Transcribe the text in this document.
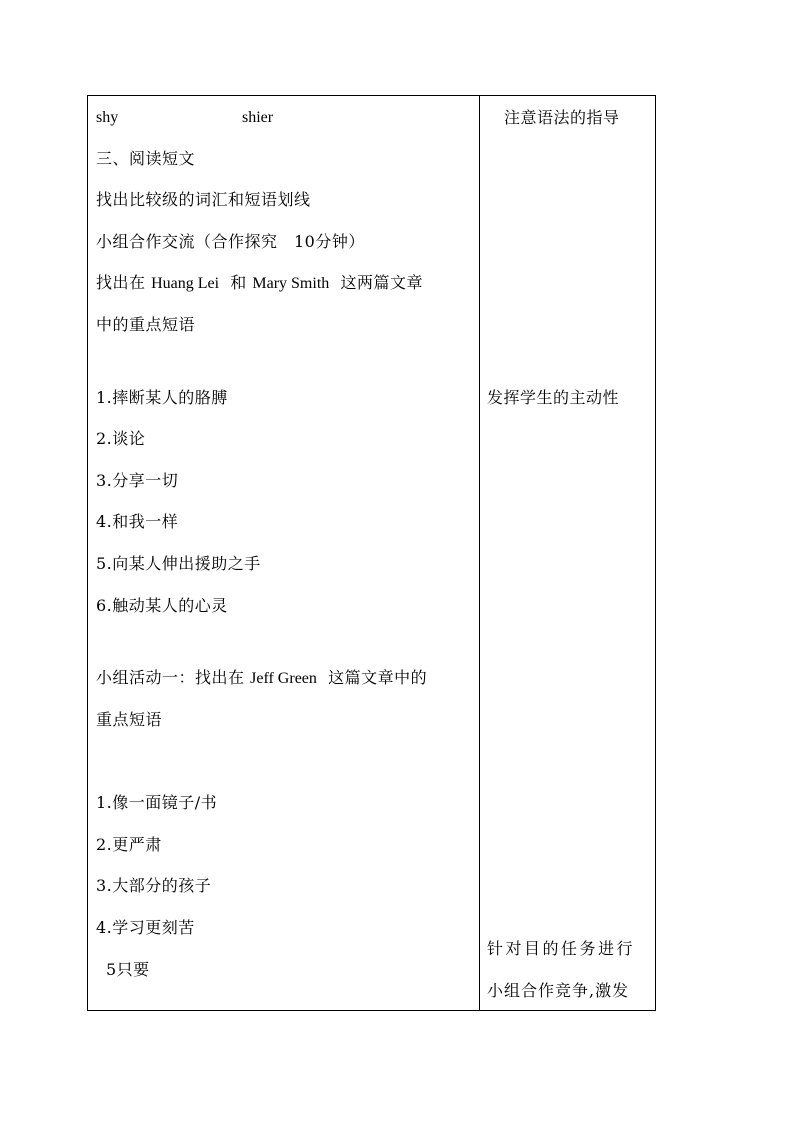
shy	shier
三、阅读短文
找出比较级的词汇和短语划线
小组合作交流（合作探究　10分钟）
找出在 Huang Lei 和 Mary Smith 这两篇文章
中的重点短语
1.摔断某人的胳膊
2.谈论
3.分享一切
4.和我一样
5.向某人伸出援助之手
6.触动某人的心灵
小组活动一：找出在 Jeff Green 这篇文章中的
重点短语
1.像一面镜子/书
2.更严肃
3.大部分的孩子
4.学习更刻苦
5只要
注意语法的指导
发挥学生的主动性
针对目的任务进行
小组合作竞争,激发
